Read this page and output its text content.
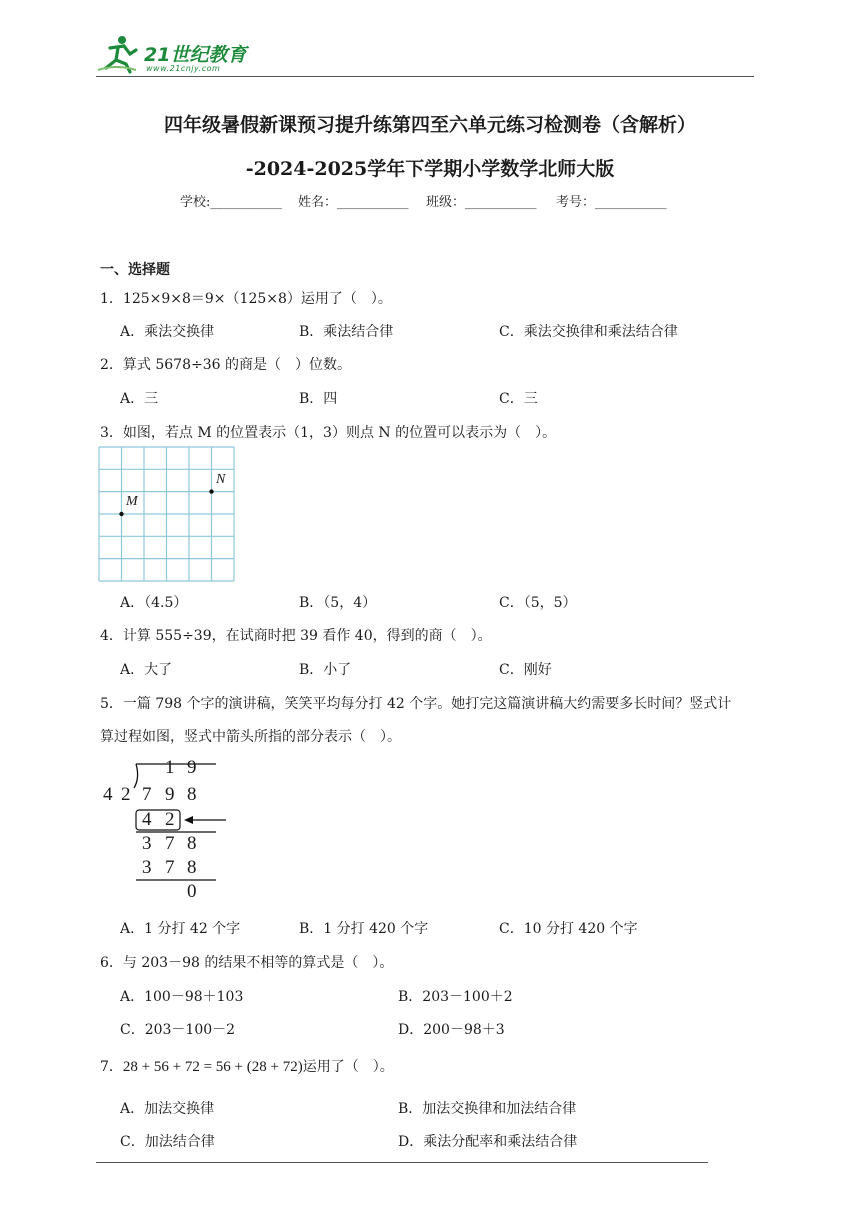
21世纪教育
www.21cnjy.com
四年级暑假新课预习提升练第四至六单元练习检测卷（含解析）
-2024-2025学年下学期小学数学北师大版
学校:___________ 姓名：___________ 班级：___________ 考号：___________
一、选择题
1．125×9×8＝9×（125×8）运用了（　）。
A．乘法交换律	B．乘法结合律	C．乘法交换律和乘法结合律
2．算式 5678÷36 的商是（　）位数。
A．三	B．四	C．三
3．如图，若点 M 的位置表示（1，3）则点 N 的位置可以表示为（　）。
M
N
A．（4.5）	B．（5，4）	C．（5，5）
4．计算 555÷39，在试商时把 39 看作 40，得到的商（　）。
A．大了	B．小了	C．刚好
5．一篇 798 个字的演讲稿，笑笑平均每分打 42 个字。她打完这篇演讲稿大约需要多长时间？竖式计
算过程如图，竖式中箭头所指的部分表示（　）。
1 9
4 2 7 9 8
4 2
3 7 8
3 7 8
0
A．1 分打 42 个字	B．1 分打 420 个字	C．10 分打 420 个字
6．与 203－98 的结果不相等的算式是（　）。
A．100－98＋103	B．203－100＋2
C．203－100－2	D．200－98＋3
7．28 + 56 + 72 = 56 + (28 + 72)运用了（　）。
A．加法交换律	B．加法交换律和加法结合律
C．加法结合律	D．乘法分配率和乘法结合律
